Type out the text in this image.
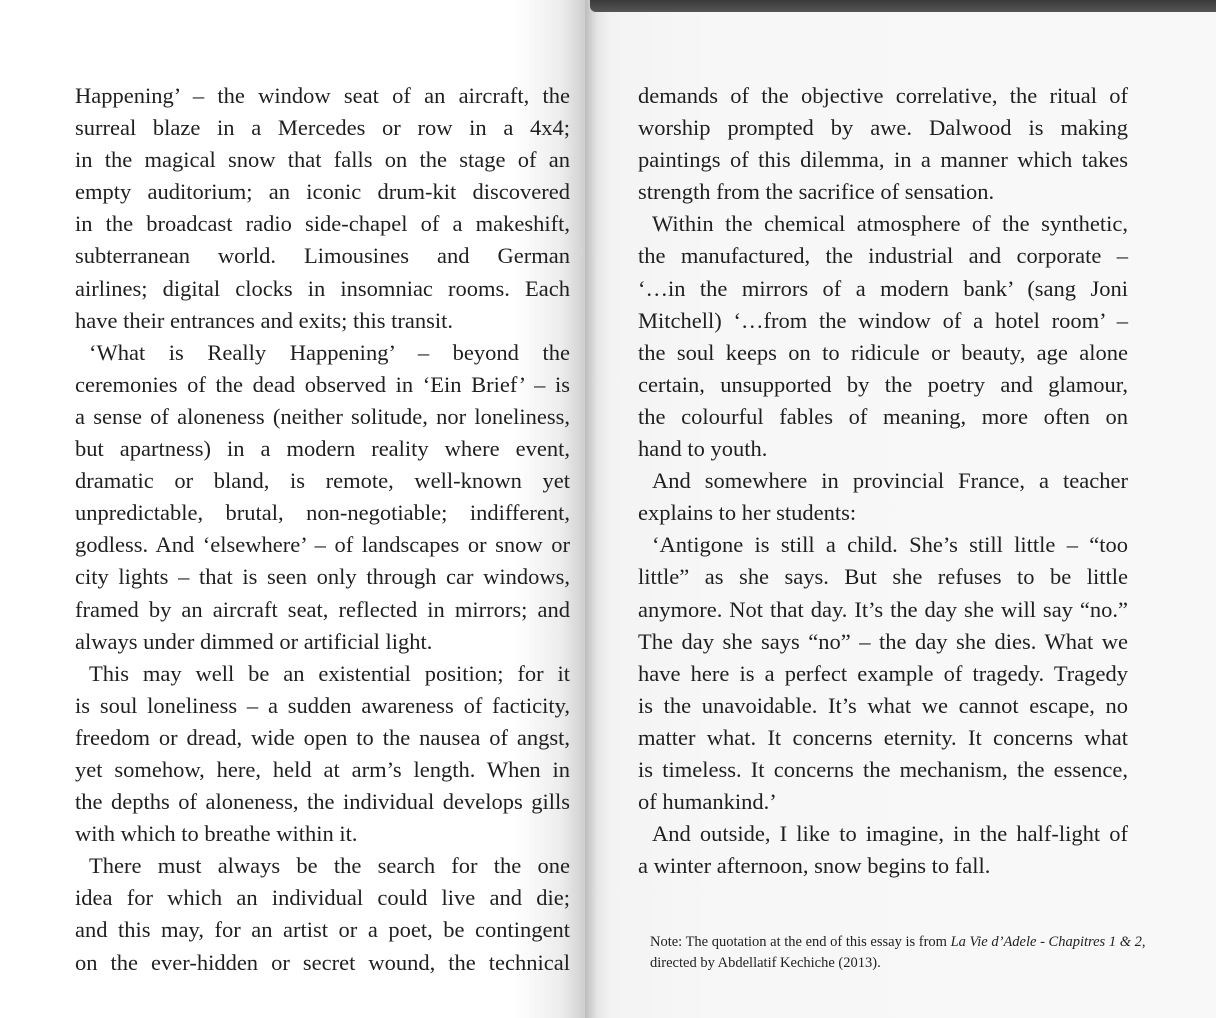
Happening’ – the window seat of an aircraft, the
surreal blaze in a Mercedes or row in a 4x4;
in the magical snow that falls on the stage of an
empty auditorium; an iconic drum-kit discovered
in the broadcast radio side-chapel of a makeshift,
subterranean world. Limousines and German
airlines; digital clocks in insomniac rooms. Each
have their entrances and exits; this transit.
‘What is Really Happening’ – beyond the
ceremonies of the dead observed in ‘Ein Brief’ – is
a sense of aloneness (neither solitude, nor loneliness,
but apartness) in a modern reality where event,
dramatic or bland, is remote, well-known yet
unpredictable, brutal, non-negotiable; indifferent,
godless. And ‘elsewhere’ – of landscapes or snow or
city lights – that is seen only through car windows,
framed by an aircraft seat, reflected in mirrors; and
always under dimmed or artificial light.
This may well be an existential position; for it
is soul loneliness – a sudden awareness of facticity,
freedom or dread, wide open to the nausea of angst,
yet somehow, here, held at arm’s length. When in
the depths of aloneness, the individual develops gills
with which to breathe within it.
There must always be the search for the one
idea for which an individual could live and die;
and this may, for an artist or a poet, be contingent
on the ever-hidden or secret wound, the technical
demands of the objective correlative, the ritual of
worship prompted by awe. Dalwood is making
paintings of this dilemma, in a manner which takes
strength from the sacrifice of sensation.
Within the chemical atmosphere of the synthetic,
the manufactured, the industrial and corporate –
‘…in the mirrors of a modern bank’ (sang Joni
Mitchell) ‘…from the window of a hotel room’ –
the soul keeps on to ridicule or beauty, age alone
certain, unsupported by the poetry and glamour,
the colourful fables of meaning, more often on
hand to youth.
And somewhere in provincial France, a teacher
explains to her students:
‘Antigone is still a child. She’s still little – “too
little” as she says. But she refuses to be little
anymore. Not that day. It’s the day she will say “no.”
The day she says “no” – the day she dies. What we
have here is a perfect example of tragedy. Tragedy
is the unavoidable. It’s what we cannot escape, no
matter what. It concerns eternity. It concerns what
is timeless. It concerns the mechanism, the essence,
of humankind.’
And outside, I like to imagine, in the half-light of
a winter afternoon, snow begins to fall.
Note: The quotation at the end of this essay is from La Vie d’Adele - Chapitres 1 & 2, directed by Abdellatif Kechiche (2013).
